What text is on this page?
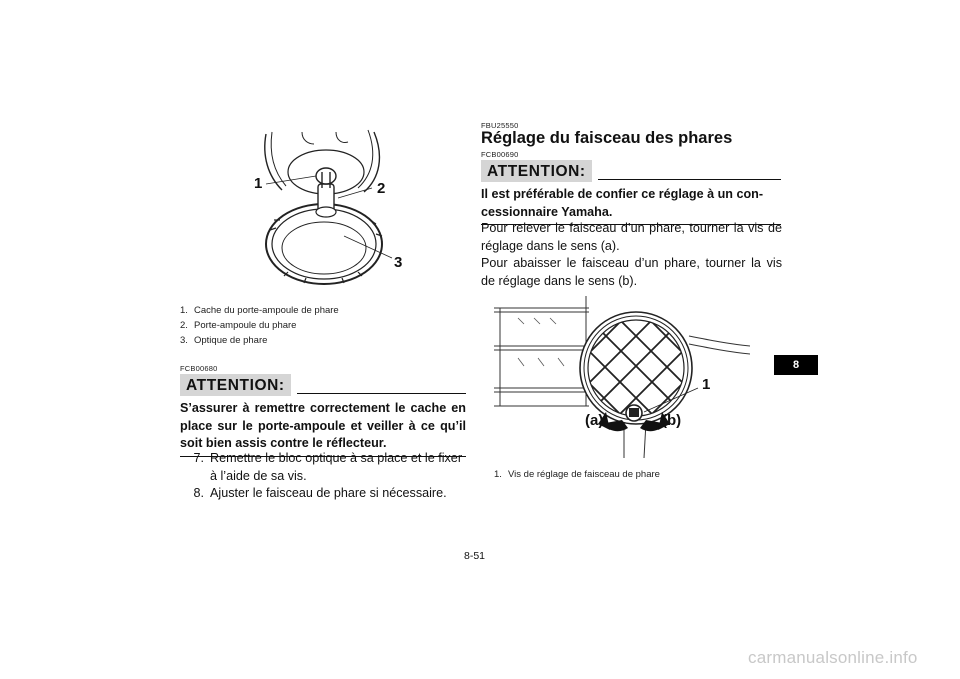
1	2
3
1. Cache du porte-ampoule de phare
2. Porte-ampoule du phare
3. Optique de phare
FCB00680
ATTENTION:
S’assurer à remettre correctement le cache en place sur le porte-ampoule et veiller à ce qu’il soit bien assis contre le réflecteur.
7. Remettre le bloc optique à sa place et le fixer à l’aide de sa vis.
8. Ajuster le faisceau de phare si nécessaire.
FBU25550
Réglage du faisceau des phares
FCB00690
ATTENTION:
Il est préférable de confier ce réglage à un con-
cessionnaire Yamaha.
Pour relever le faisceau d’un phare, tourner la vis de réglage dans le sens (a).
Pour abaisser le faisceau d’un phare, tourner la vis de réglage dans le sens (b).
1
(a)	(b)
1. Vis de réglage de faisceau de phare
8
8-51
carmanualsonline.info
